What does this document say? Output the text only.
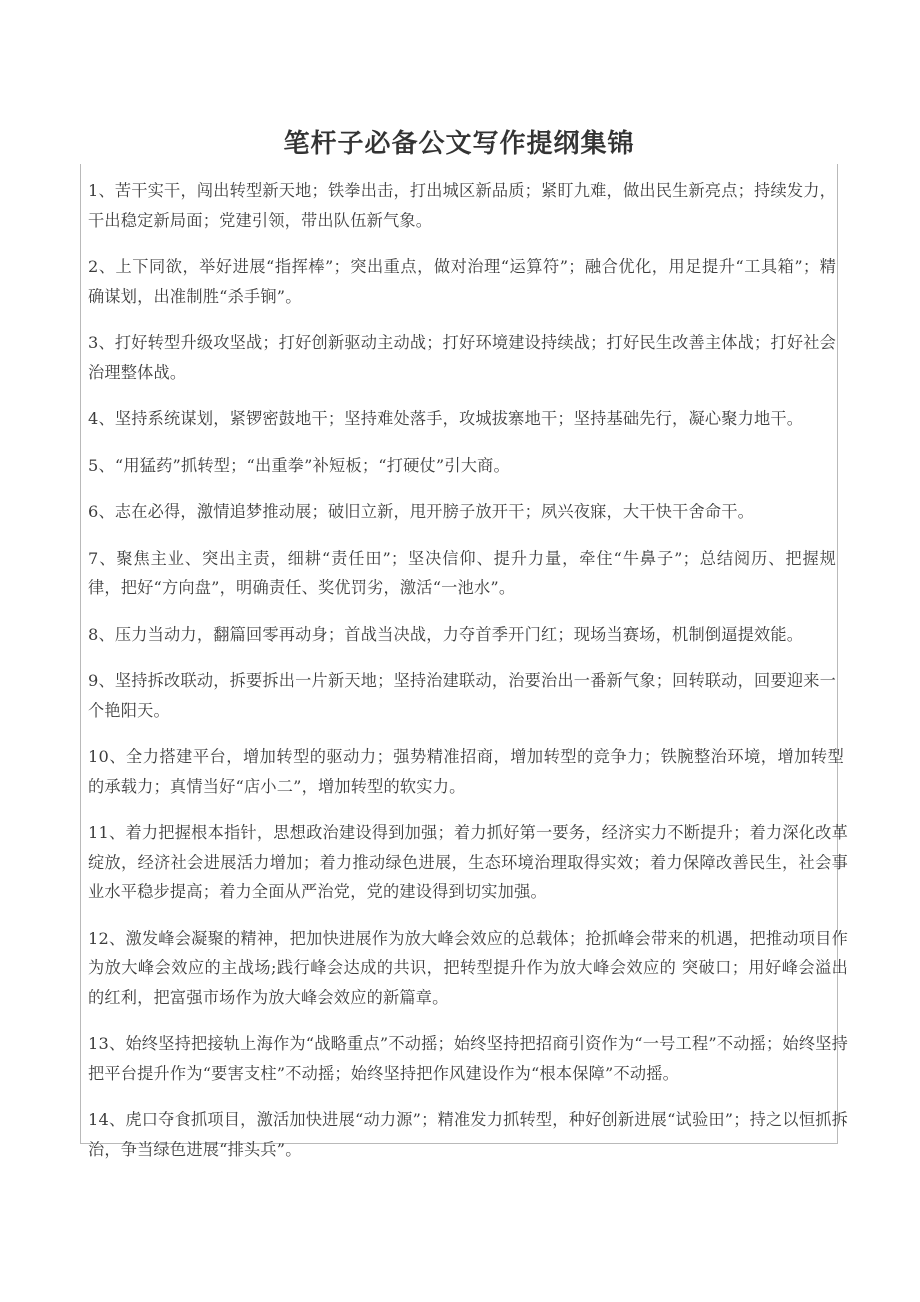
笔杆子必备公文写作提纲集锦

1、苦干实干，闯出转型新天地；铁拳出击，打出城区新品质；紧盯九难，做出民生新亮点；持续发力，干出稳定新局面；党建引领，带出队伍新气象。

2、上下同欲，举好进展“指挥棒”；突出重点，做对治理“运算符”；融合优化，用足提升“工具箱”；精确谋划，出准制胜“杀手锏”。

3、打好转型升级攻坚战；打好创新驱动主动战；打好环境建设持续战；打好民生改善主体战；打好社会治理整体战。

4、坚持系统谋划，紧锣密鼓地干；坚持难处落手，攻城拔寨地干；坚持基础先行，凝心聚力地干。

5、“用猛药”抓转型；“出重拳”补短板；“打硬仗”引大商。

6、志在必得，激情追梦推动展；破旧立新，甩开膀子放开干；夙兴夜寐，大干快干舍命干。

7、聚焦主业、突出主责，细耕“责任田”；坚决信仰、提升力量，牵住“牛鼻子”；总结阅历、把握规律，把好“方向盘”，明确责任、奖优罚劣，激活“一池水”。

8、压力当动力，翻篇回零再动身；首战当决战，力夺首季开门红；现场当赛场，机制倒逼提效能。

9、坚持拆改联动，拆要拆出一片新天地；坚持治建联动，治要治出一番新气象；回转联动，回要迎来一个艳阳天。

10、全力搭建平台，增加转型的驱动力；强势精准招商，增加转型的竞争力；铁腕整治环境，增加转型的承载力；真情当好“店小二”，增加转型的软实力。

11、着力把握根本指针，思想政治建设得到加强；着力抓好第一要务，经济实力不断提升；着力深化改革绽放，经济社会进展活力增加；着力推动绿色进展，生态环境治理取得实效；着力保障改善民生，社会事业水平稳步提高；着力全面从严治党，党的建设得到切实加强。

12、激发峰会凝聚的精神，把加快进展作为放大峰会效应的总载体；抢抓峰会带来的机遇，把推动项目作为放大峰会效应的主战场;践行峰会达成的共识，把转型提升作为放大峰会效应的 突破口；用好峰会溢出的红利，把富强市场作为放大峰会效应的新篇章。

13、始终坚持把接轨上海作为“战略重点”不动摇；始终坚持把招商引资作为“一号工程”不动摇；始终坚持把平台提升作为“要害支柱”不动摇；始终坚持把作风建设作为“根本保障”不动摇。

14、虎口夺食抓项目，激活加快进展“动力源”；精准发力抓转型，种好创新进展“试验田”；持之以恒抓拆治，争当绿色进展“排头兵”。
